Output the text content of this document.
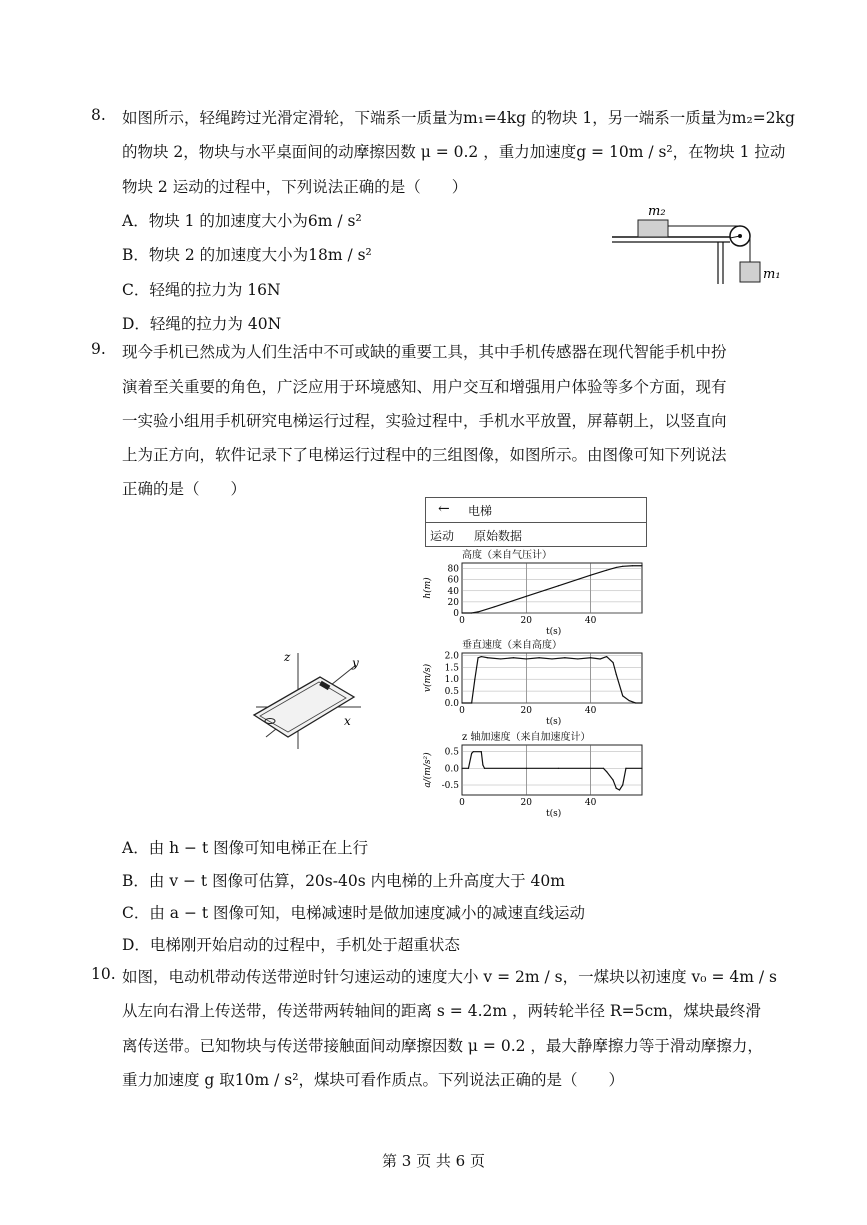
8. 如图所示，轻绳跨过光滑定滑轮，下端系一质量为m₁=4kg 的物块 1，另一端系一质量为m₂=2kg
的物块 2，物块与水平桌面间的动摩擦因数 μ = 0.2 ，重力加速度g = 10m / s²，在物块 1 拉动
物块 2 运动的过程中，下列说法正确的是（　　）
A．物块 1 的加速度大小为6m / s²
B．物块 2 的加速度大小为18m / s²
C．轻绳的拉力为 16N
D．轻绳的拉力为 40N
m₂
m₁
9. 现今手机已然成为人们生活中不可或缺的重要工具，其中手机传感器在现代智能手机中扮
演着至关重要的角色，广泛应用于环境感知、用户交互和增强用户体验等多个方面，现有
一实验小组用手机研究电梯运行过程，实验过程中，手机水平放置，屏幕朝上，以竖直向
上为正方向，软件记录下了电梯运行过程中的三组图像，如图所示。由图像可知下列说法
正确的是（　　）
z	y
x
← 电梯
运动 原始数据
高度（来自气压计）
0	20	40
0
20
40
60
80
t(s)
h(m)
垂直速度（来自高度）
0	20	40
0.0
0.5
1.0
1.5
2.0
t(s)
v(m/s)
z 轴加速度（来自加速度计）
0	20	40
0.5
0.0
-0.5
t(s)
a/(m/s²)
A．由 h − t 图像可知电梯正在上行
B．由 v − t 图像可估算，20s-40s 内电梯的上升高度大于 40m
C．由 a − t 图像可知，电梯减速时是做加速度减小的减速直线运动
D．电梯刚开始启动的过程中，手机处于超重状态
10. 如图，电动机带动传送带逆时针匀速运动的速度大小 v = 2m / s，一煤块以初速度 v₀ = 4m / s
从左向右滑上传送带，传送带两转轴间的距离 s = 4.2m ，两转轮半径 R=5cm，煤块最终滑
离传送带。已知物块与传送带接触面间动摩擦因数 μ = 0.2 ，最大静摩擦力等于滑动摩擦力，
重力加速度 g 取10m / s²，煤块可看作质点。下列说法正确的是（　　）
第 3 页 共 6 页
